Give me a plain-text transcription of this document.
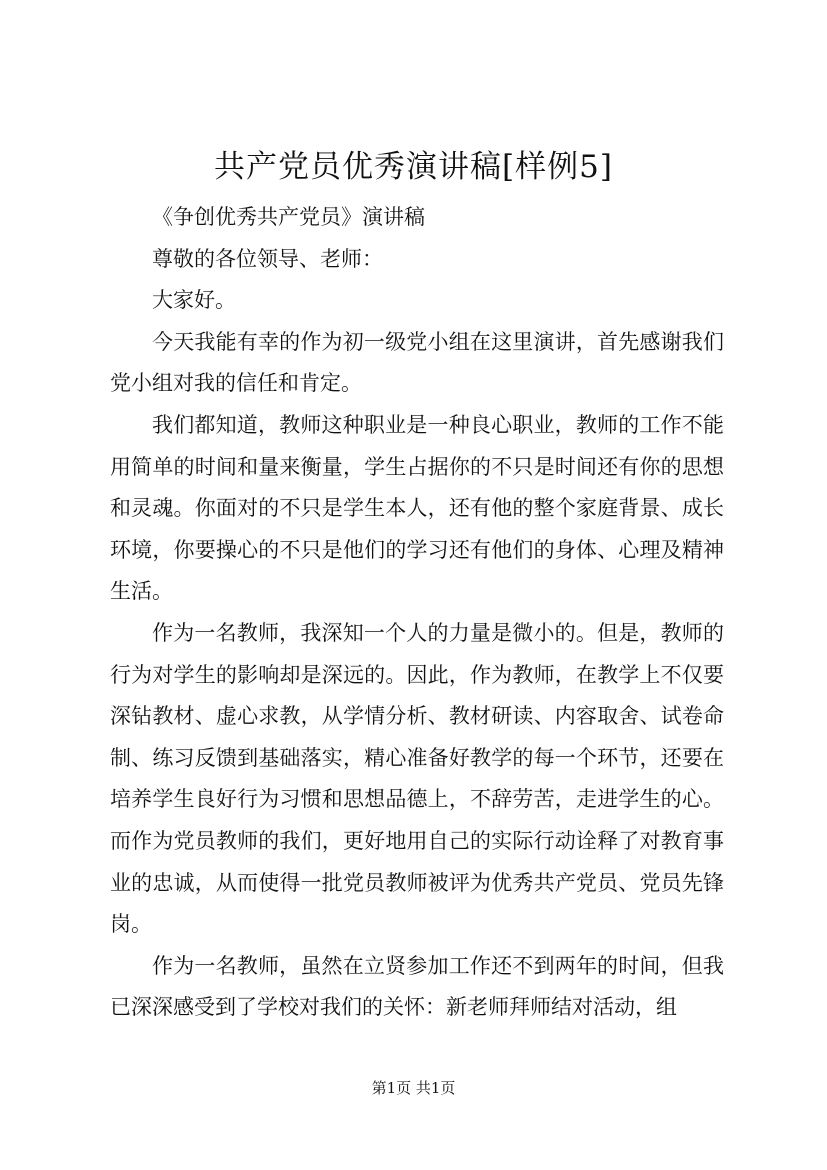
共产党员优秀演讲稿[样例5]

《争创优秀共产党员》演讲稿

尊敬的各位领导、老师：

大家好。

今天我能有幸的作为初一级党小组在这里演讲，首先感谢我们党小组对我的信任和肯定。

我们都知道，教师这种职业是一种良心职业，教师的工作不能用简单的时间和量来衡量，学生占据你的不只是时间还有你的思想和灵魂。你面对的不只是学生本人，还有他的整个家庭背景、成长环境，你要操心的不只是他们的学习还有他们的身体、心理及精神生活。

作为一名教师，我深知一个人的力量是微小的。但是，教师的行为对学生的影响却是深远的。因此，作为教师，在教学上不仅要深钻教材、虚心求教，从学情分析、教材研读、内容取舍、试卷命制、练习反馈到基础落实，精心准备好教学的每一个环节，还要在培养学生良好行为习惯和思想品德上，不辞劳苦，走进学生的心。而作为党员教师的我们，更好地用自己的实际行动诠释了对教育事业的忠诚，从而使得一批党员教师被评为优秀共产党员、党员先锋岗。

作为一名教师，虽然在立贤参加工作还不到两年的时间，但我已深深感受到了学校对我们的关怀：新老师拜师结对活动，组

第1页 共1页
